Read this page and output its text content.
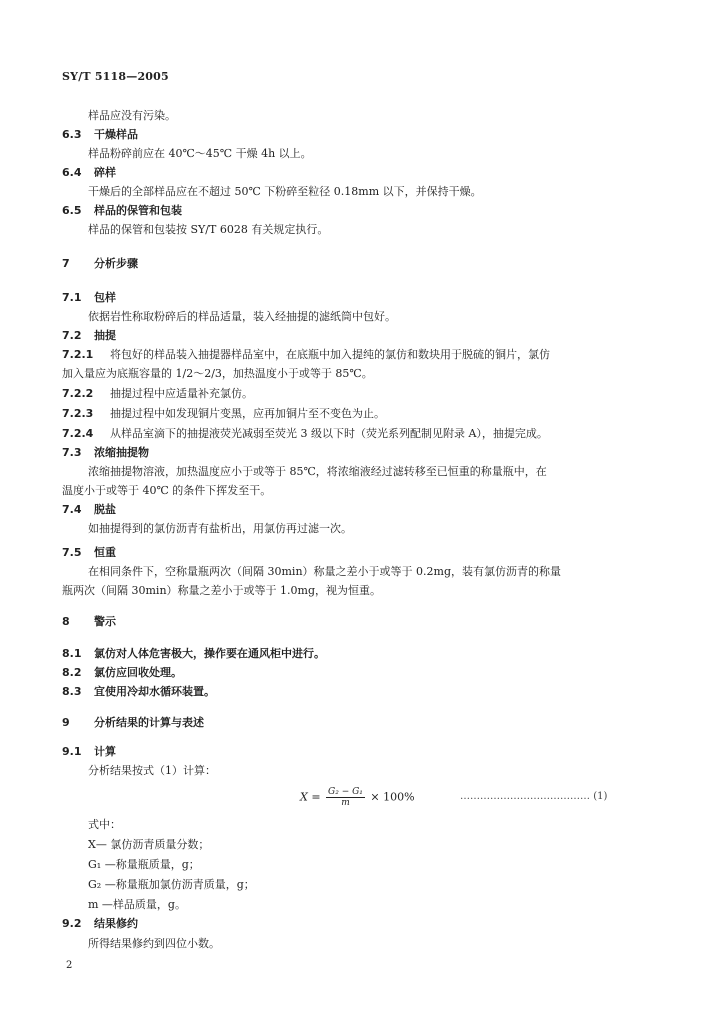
SY/T 5118—2005
样品应没有污染。
6.3 干燥样品
样品粉碎前应在 40℃～45℃ 干燥 4h 以上。
6.4 碎样
干燥后的全部样品应在不超过 50℃ 下粉碎至粒径 0.18mm 以下，并保持干燥。
6.5 样品的保管和包装
样品的保管和包装按 SY/T 6028 有关规定执行。
7 分析步骤
7.1 包样
依据岩性称取粉碎后的样品适量，装入经抽提的滤纸筒中包好。
7.2 抽提
7.2.1 将包好的样品装入抽提器样品室中，在底瓶中加入提纯的氯仿和数块用于脱硫的铜片，氯仿
加入量应为底瓶容量的 1/2～2/3，加热温度小于或等于 85℃。
7.2.2 抽提过程中应适量补充氯仿。
7.2.3 抽提过程中如发现铜片变黑，应再加铜片至不变色为止。
7.2.4 从样品室滴下的抽提液荧光减弱至荧光 3 级以下时（荧光系列配制见附录 A），抽提完成。
7.3 浓缩抽提物
浓缩抽提物溶液，加热温度应小于或等于 85℃，将浓缩液经过滤转移至已恒重的称量瓶中，在
温度小于或等于 40℃ 的条件下挥发至干。
7.4 脱盐
如抽提得到的氯仿沥青有盐析出，用氯仿再过滤一次。
7.5 恒重
在相同条件下，空称量瓶两次（间隔 30min）称量之差小于或等于 0.2mg，装有氯仿沥青的称量
瓶两次（间隔 30min）称量之差小于或等于 1.0mg，视为恒重。
8 警示
8.1 氯仿对人体危害极大，操作要在通风柜中进行。
8.2 氯仿应回收处理。
8.3 宜使用冷却水循环装置。
9 分析结果的计算与表述
9.1 计算
分析结果按式（1）计算：
式中：
X— 氯仿沥青质量分数；
G₁ —称量瓶质量，g；
G₂ —称量瓶加氯仿沥青质量，g；
m —样品质量，g。
9.2 结果修约
所得结果修约到四位小数。
$X = \frac{\text{G₂ − G₁}}{m} \times 100\%$	………………………………… (1)
2
